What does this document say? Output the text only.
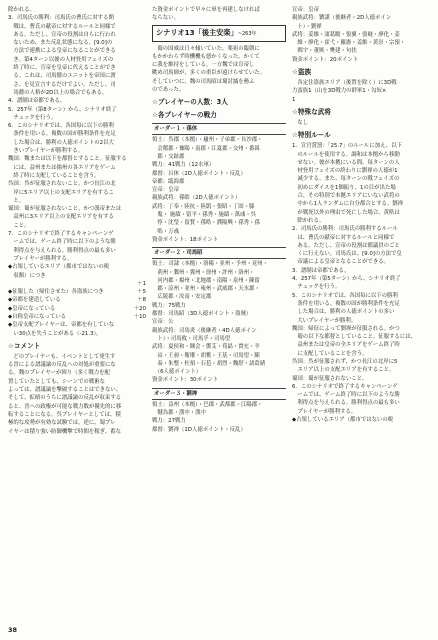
除かれる。
3．司馬氏の勝利：司馬氏の曹氏に対する開
　戦は、曹氏の献帝に対するルールと同様で
　ある。ただし、宣帝の役割は自らに行われ
　ないため、また反乱状態になる。[9.0]の
　方法で連携による皇帝になることができる
　き。第4ターン以後の人材登用フェイズの
　終了時に、宣帝を皇帝に代えることができ
　る。これは、司馬懿のユニットを帝国に渡
　さ、を見宣言するだけでよい。ただし、司
　馬懿の人格が2D以上の場合でもある。
4．譜制は帝都である。
5．257年（第8ターン）から、シナリオ終了
　チェックを行う。
6．このシナリオでは、各国毎に以下の勝利
　条件を用いる。複数の国が勝利条件を充足
　した場合は、勝利の人徳ポイントの2以大
　きいプレイヤーが勝利する。
魏国：魏または以下を都督とすること。征服する
　には、益州または揚州の各エリアをゲーム
　終了時に支配していることを含う。
呉国：呉が征服されないこと。かつ長江の北
　岸に5エリア以上の支配エリアを有するこ
　と。
蜀国：蜀が征服されないこと。かつ漢帝または
　益州に3エリア以上の支配エリアを有する
　こと。
7．このシナリオで終了するキャンペーンゲ
　ームでは、ゲーム終了時に以下のような勝
　利得点を与えられる。勝利得点の最も多い
　プレイヤーが勝利する。
◆占領しているエリア（都市ではないの税
　収額）につき
＋1
◆征服した（帰住させた）各盗族につき	＋5
◆帝都を建造している	＋8
◆皇帝になっている	＋20
◆自称皇帝になっている	＋10
◆皇帝支配プレイヤーは、帝都を有していな
　い30点を失うことがある（-21.3）。
☆コメント
　どのプレイヤーも、イベントとして発生す
る晋による譜議論の反乱への対処が重要にな
る。魏のプレイヤーが困り（多く戦力を配
置していたとしても、シーンでの戦術な
よっては、譜議論を撃破することはできない。
そして、拡晴のうちに譜議論の反乱が収束する
ると、晋への政権が可能な戦力数が優先的に移
転することになる。呉プレイヤーとしては、積
極的な攻勢が有効な試験では。逆に、蜀プレ
イヤーは積り強い防御機撃で時間を稼ぎ、蓄な
た資金ポイントで早々に軍を再建しなければ
ならない。
シナリオ13「後主安楽」~263年
　蜀の国威は日々傾いていた。薬祖の臨朝に
もかかわらず時機機も悪かくなった。かくて
に我を維持をしている。一方魏では宣帝し
眺め司馬師が、多くの重臣が遠けらせていた。
そしていつに、魏の司馬昭は蜀討滅を務ふ
のであった。
☆プレイヤーの人数：3人
☆各プレイヤーの戦力
オーダー１・孫休
領土：呉郡（本拠）・廬州・子弟郡・長沙郡・
　会稽郡・豫陽・南郡・江夏郡・交州・番禺
　郡・交趾郡
戦力：41戦力（12水軍）
都督：呂休（2D人徳ポイント・反乱）
帝都：臨海郡
宣帝：皇帝
親族武将：孫皓（2D人徳ポイント）
武将：丁奉・陸抗・陸凱・張昭・丁固・滕
　胤・ 施績・留平・孫秀・施績・萬彧・呉
　惇・沈瑩・留賛・孫晧・濮陽興・孫秀・孫
　晧・万彧
資金ポイント：18ポイント
オーダー２・司馬昭
領土：司隷（本拠）・洛陽・並州・予州・兗州・
　荊州・鄴州・冀州・徐州・許州・洛州・
　河内郡・揚州・北地郡・南陽・泉州・陳留
　郡・涼州・並州・雍州・武威郡・天水郡・
　広陵郡・汝南・安定郡
戦力：75戦力
都督：司馬昭（3D人徳ポイント・盗賊）
宣帝：公
親族武将：司馬炎（後継者・4D人徳ポイン
　ト）・司馬攸・司馬孚・司馬望
武将：夏侯和・鍾会・鄧艾・荀勗・賈充・羊
　祜・王昶・衛瓘・胡奮・王基・司馬望・陳
　泰・朱整・杜預・石苞・胡烈・魏舒・諸葛緒
　（6人徳ポイント）
資金ポイント：30ポイント
オーダー３・劉禅
領土：益州（本拠）・巴郡・武都郡・江陽郡・
　犍為郡・漢中・漢中
戦力：27戦力
都督：劉禅（1D人徳ポイント・反乱）
宣帝：皇帝
親族武将：劉諶（後継者・2D人徳ポイン
　ト）・劉禅
武将：姜維・諸葛瞻・張翼・張嶷・廖化・姜
　維・廖化・霍弋・羅憲・姜維・黄崇・宗預・
　閻宇・董厥・樊建・句扶
資金ポイント：20ポイント
☆盗族
　各定住盗族エリア（後置を除く）に3D戦
力蛮族1（山を3D戦力の群軍1・勾奴×
1
☆特殊な武将
　なし
☆特別ルール
1．宣官賞罰：「25.7」のルールに加え、以下
　のルールを使用する。調和は本拠から移動
　せない。彼が本拠にいる間、毎ターンの人
　材登用フェイズの終わりに劉禅の人徳が1
　減少する。また、毎ターンの戦フェイズの
　初めにダイスを1個振り、1の目が出た場
　合、その特別で本拠エリアにいない武将の
　中から1人ランダムに自分都合とする。劉禅
　が戦死以外の理由で死亡した場合、黄晧は
　除かれる。
2．司馬氏の勝利：司馬氏の勝利するルール
　は、曹氏の献帝に対するルールと同様で
　ある。ただし、宣帝の役割は都議員のごと
　くに行えない。司馬氏は、[9.0]の方法で皇
　帝議による皇帝となることができる。
3．譜制は帝都である。
4．257年（第5ターン）から、シナリオ終了
　チェックを行う。
5．このシナリオでは、各国毎に以下の勝利
　条件を用いる。複数の国が勝利条件を充足
　した場合は、勝利の人徳ポイントの多い
　大いプレイヤーが勝利。
魏国：帰征によって劉禅が征服される。かつ
　蜀の以下な都督としていること。征服するには、
　益州または皇帝の全エリアをゲーム終了時
　に支配していることを含う。
呉国：呉が征服されず、かつ長江の北岸に5
　エリア以上の支配エリアを有すること。
蜀国：蜀が征服されないこと。
6．このシナリオで終了するキャンペーンゲ
　ームでは、ゲーム終了時に以下のような勝
　利得点を与えられる。勝利得点の最も多い
　プレイヤーが勝利する。
◆占領しているエリア（都市ではないの税
38
